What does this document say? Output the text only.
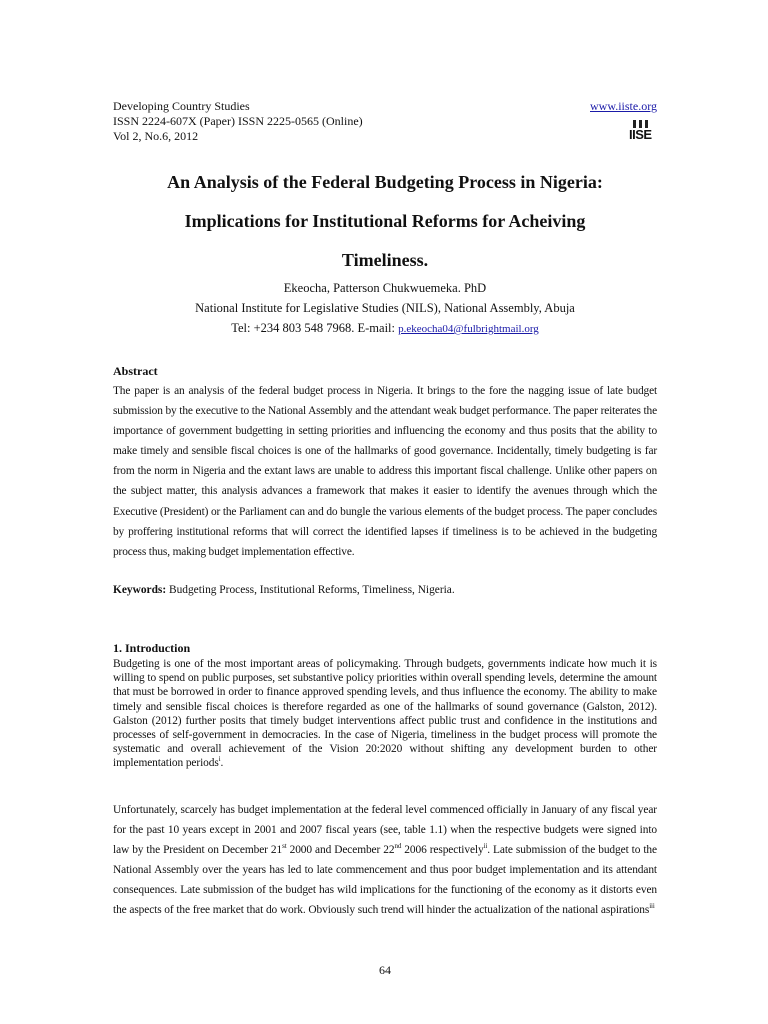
Developing Country Studies
ISSN 2224-607X (Paper) ISSN 2225-0565 (Online)
Vol 2, No.6, 2012
www.iiste.org
IISE
An Analysis of the Federal Budgeting Process in Nigeria:
Implications for Institutional Reforms for Acheiving
Timeliness.
Ekeocha, Patterson Chukwuemeka. PhD
National Institute for Legislative Studies (NILS), National Assembly, Abuja
Tel: +234 803 548 7968. E-mail: p.ekeocha04@fulbrightmail.org
Abstract
The paper is an analysis of the federal budget process in Nigeria. It brings to the fore the nagging issue of late budget submission by the executive to the National Assembly and the attendant weak budget performance. The paper reiterates the importance of government budgetting in setting priorities and influencing the economy and thus posits that the ability to make timely and sensible fiscal choices is one of the hallmarks of good governance. Incidentally, timely budgeting is far from the norm in Nigeria and the extant laws are unable to address this important fiscal challenge. Unlike other papers on the subject matter, this analysis advances a framework that makes it easier to identify the avenues through which the Executive (President) or the Parliament can and do bungle the various elements of the budget process. The paper concludes by proffering institutional reforms that will correct the identified lapses if timeliness is to be achieved in the budgeting process thus, making budget implementation effective.
Keywords: Budgeting Process, Institutional Reforms, Timeliness, Nigeria.
1. Introduction
Budgeting is one of the most important areas of policymaking. Through budgets, governments indicate how much it is willing to spend on public purposes, set substantive policy priorities within overall spending levels, determine the amount that must be borrowed in order to finance approved spending levels, and thus influence the economy. The ability to make timely and sensible fiscal choices is therefore regarded as one of the hallmarks of sound governance (Galston, 2012). Galston (2012) further posits that timely budget interventions affect public trust and confidence in the institutions and processes of self-government in democracies. In the case of Nigeria, timeliness in the budget process will promote the systematic and overall achievement of the Vision 20:2020 without shifting any development burden to other implementation periods$^i$.
Unfortunately, scarcely has budget implementation at the federal level commenced officially in January of any fiscal year for the past 10 years except in 2001 and 2007 fiscal years (see, table 1.1) when the respective budgets were signed into law by the President on December 21st 2000 and December 22nd 2006 respectively$^{ii}$. Late submission of the budget to the National Assembly over the years has led to late commencement and thus poor budget implementation and its attendant consequences. Late submission of the budget has wild implications for the functioning of the economy as it distorts even the aspects of the free market that do work. Obviously such trend will hinder the actualization of the national aspirations$^{iii}$
64
